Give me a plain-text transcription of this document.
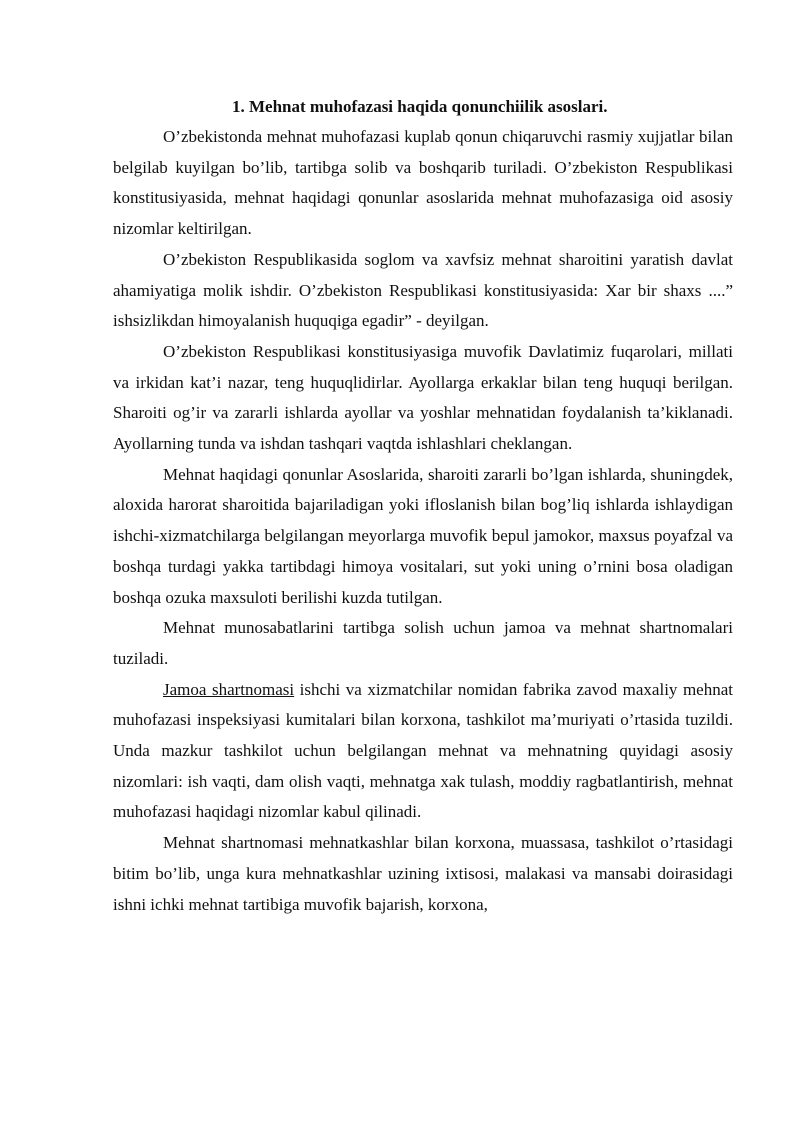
1. Mehnat muhofazasi haqida qonunchiilik asoslari.

O’zbekistonda mehnat muhofazasi kuplab qonun chiqaruvchi rasmiy xujjatlar bilan belgilab kuyilgan bo’lib, tartibga solib va boshqarib turiladi. O’zbekiston Respublikasi konstitusiyasida, mehnat haqidagi qonunlar asoslarida mehnat muhofazasiga oid asosiy nizomlar keltirilgan.

O’zbekiston Respublikasida soglom va xavfsiz mehnat sharoitini yaratish davlat ahamiyatiga molik ishdir. O’zbekiston Respublikasi konstitusiyasida: Xar bir shaxs ....” ishsizlikdan himoyalanish huquqiga egadir” - deyilgan.

O’zbekiston Respublikasi konstitusiyasiga muvofik Davlatimiz fuqarolari, millati va irkidan kat’i nazar, teng huquqlidirlar. Ayollarga erkaklar bilan teng huquqi berilgan. Sharoiti og’ir va zararli ishlarda ayollar va yoshlar mehnatidan foydalanish ta’kiklanadi. Ayollarning tunda va ishdan tashqari vaqtda ishlashlari cheklangan.

Mehnat haqidagi qonunlar Asoslarida, sharoiti zararli bo’lgan ishlarda, shuningdek, aloxida harorat sharoitida bajariladigan yoki ifloslanish bilan bog’liq ishlarda ishlaydigan ishchi-xizmatchilarga belgilangan meyorlarga muvofik bepul jamokor, maxsus poyafzal va boshqa turdagi yakka tartibdagi himoya vositalari, sut yoki uning o’rnini bosa oladigan boshqa ozuka maxsuloti berilishi kuzda tutilgan.

Mehnat munosabatlarini tartibga solish uchun jamoa va mehnat shartnomalari tuziladi.

Jamoa shartnomasi ishchi va xizmatchilar nomidan fabrika zavod maxaliy mehnat muhofazasi inspeksiyasi kumitalari bilan korxona, tashkilot ma’muriyati o’rtasida tuzildi. Unda mazkur tashkilot uchun belgilangan mehnat va mehnatning quyidagi asosiy nizomlari: ish vaqti, dam olish vaqti, mehnatga xak tulash, moddiy ragbatlantirish, mehnat muhofazasi haqidagi nizomlar kabul qilinadi.

Mehnat shartnomasi mehnatkashlar bilan korxona, muassasa, tashkilot o’rtasidagi bitim bo’lib, unga kura mehnatkashlar uzining ixtisosi, malakasi va mansabi doirasidagi ishni ichki mehnat tartibiga muvofik bajarish, korxona,
